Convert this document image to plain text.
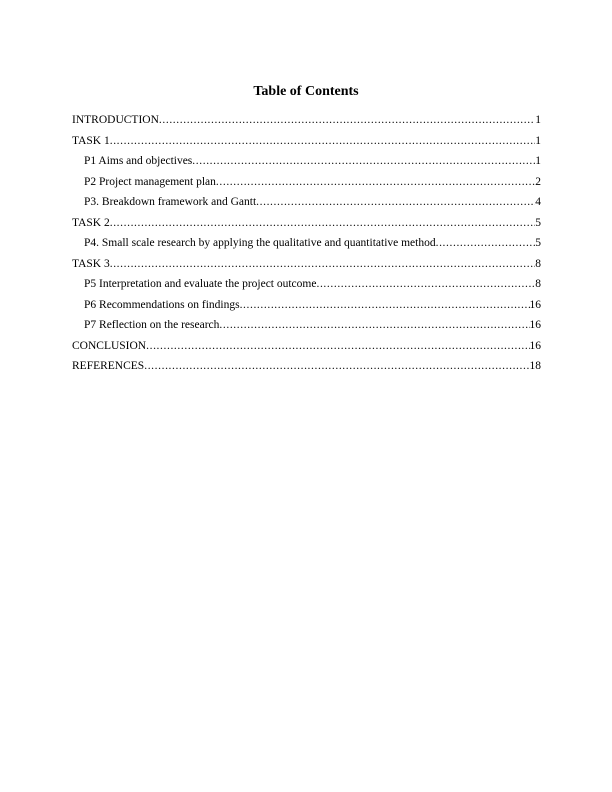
Table of Contents
INTRODUCTION .....	1
TASK 1 .....	1
P1 Aims and objectives .....	1
P2 Project management plan .....	2
P3. Breakdown framework and Gantt .....	4
TASK 2 .....	5
P4. Small scale research by applying the qualitative and quantitative method .....	5
TASK 3 .....	8
P5 Interpretation and evaluate the project outcome .....	8
P6 Recommendations on findings .....	16
P7 Reflection on the research .....	16
CONCLUSION .....	16
REFERENCES .....	18
